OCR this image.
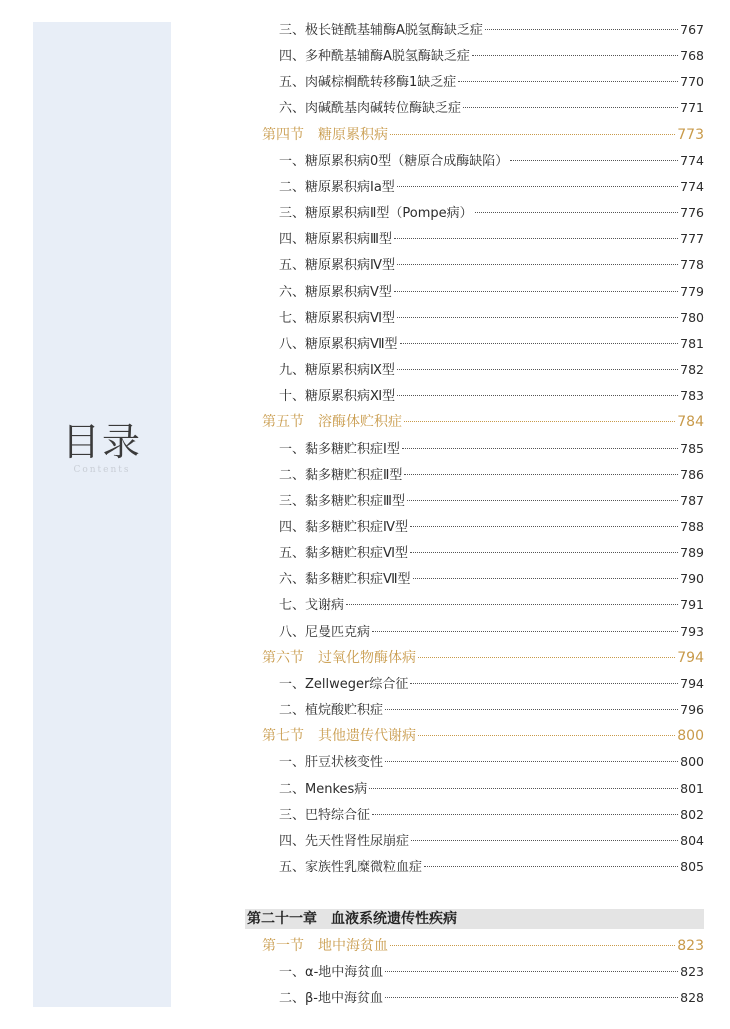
目录
Contents
三、极长链酰基辅酶A脱氢酶缺乏症	767
四、多种酰基辅酶A脱氢酶缺乏症	768
五、肉碱棕榈酰转移酶1缺乏症	770
六、肉碱酰基肉碱转位酶缺乏症	771
第四节　糖原累积病	773
一、糖原累积病0型（糖原合成酶缺陷）	774
二、糖原累积病Ⅰa型	774
三、糖原累积病Ⅱ型（Pompe病）	776
四、糖原累积病Ⅲ型	777
五、糖原累积病Ⅳ型	778
六、糖原累积病Ⅴ型	779
七、糖原累积病Ⅵ型	780
八、糖原累积病Ⅶ型	781
九、糖原累积病Ⅸ型	782
十、糖原累积病Ⅺ型	783
第五节　溶酶体贮积症	784
一、黏多糖贮积症Ⅰ型	785
二、黏多糖贮积症Ⅱ型	786
三、黏多糖贮积症Ⅲ型	787
四、黏多糖贮积症Ⅳ型	788
五、黏多糖贮积症Ⅵ型	789
六、黏多糖贮积症Ⅶ型	790
七、戈谢病	791
八、尼曼匹克病	793
第六节　过氧化物酶体病	794
一、Zellweger综合征	794
二、植烷酸贮积症	796
第七节　其他遗传代谢病	800
一、肝豆状核变性	800
二、Menkes病	801
三、巴特综合征	802
四、先天性肾性尿崩症	804
五、家族性乳糜微粒血症	805
第二十一章　血液系统遗传性疾病
第一节　地中海贫血	823
一、α-地中海贫血	823
二、β-地中海贫血	828
